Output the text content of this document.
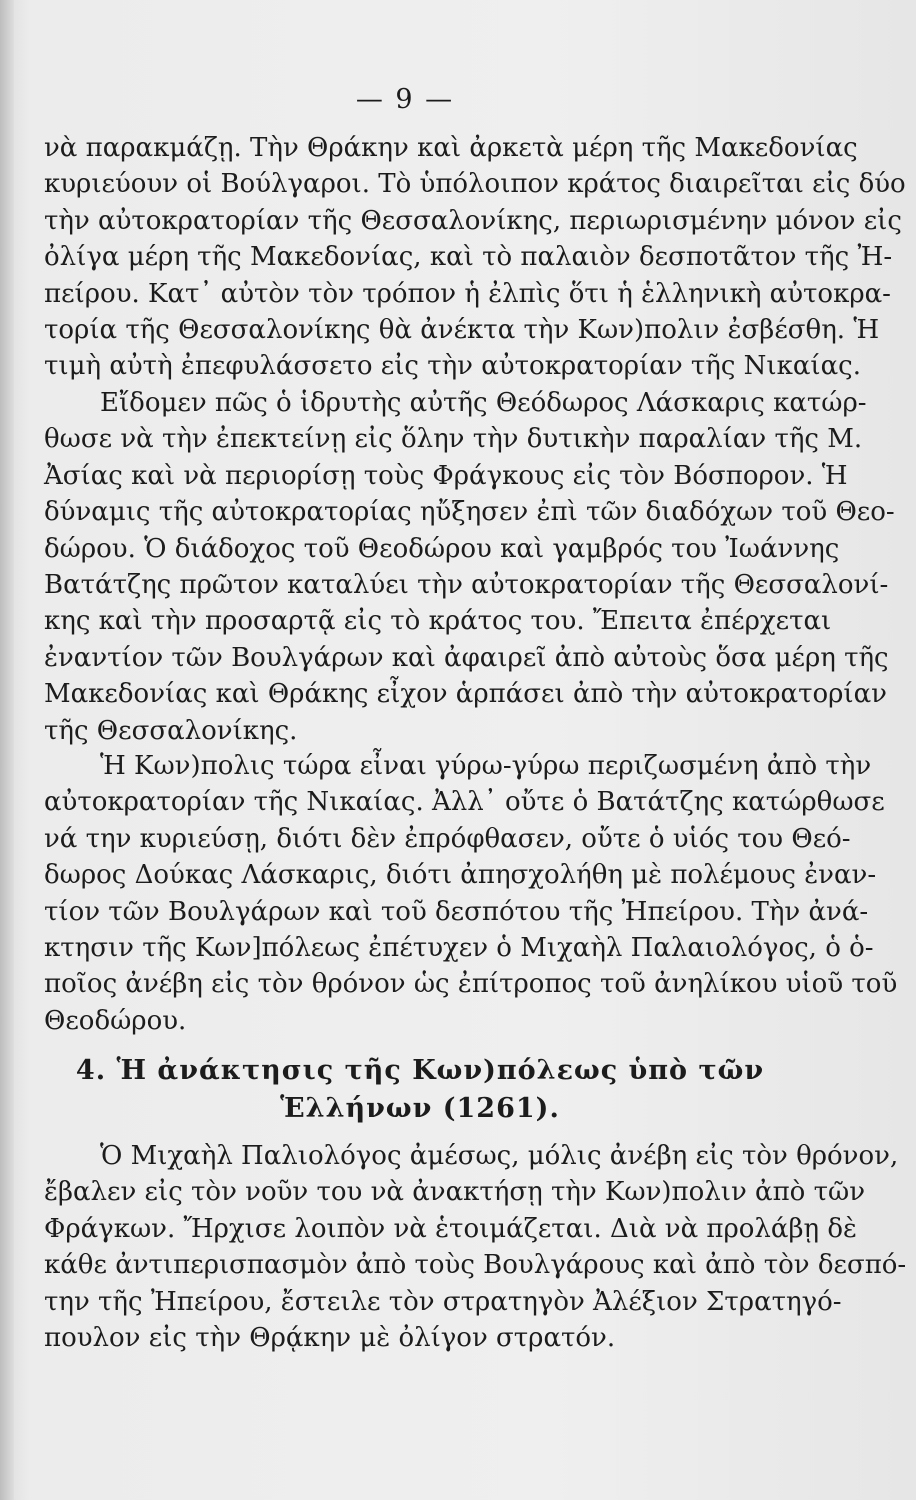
— 9 —

νὰ παρακμάζῃ. Τὴν Θράκην καὶ ἀρκετὰ μέρη τῆς Μακεδονίας
κυριεύουν οἱ Βούλγαροι. Τὸ ὑπόλοιπον κράτος διαιρεῖται εἰς δύο
τὴν αὐτοκρατορίαν τῆς Θεσσαλονίκης, περιωρισμένην μόνον εἰς
ὀλίγα μέρη τῆς Μακεδονίας, καὶ τὸ παλαιὸν δεσποτᾶτον τῆς Ἠ-
πείρου. Κατ᾽ αὐτὸν τὸν τρόπον ἡ ἐλπὶς ὅτι ἡ ἑλληνικὴ αὐτοκρα-
τορία τῆς Θεσσαλονίκης θὰ ἀνέκτα τὴν Κων)πολιν ἐσβέσθη. Ἡ
τιμὴ αὐτὴ ἐπεφυλάσσετο εἰς τὴν αὐτοκρατορίαν τῆς Νικαίας.

Εἴδομεν πῶς ὁ ἱδρυτὴς αὐτῆς Θεόδωρος Λάσκαρις κατώρ-
θωσε νὰ τὴν ἐπεκτείνῃ εἰς ὅλην τὴν δυτικὴν παραλίαν τῆς Μ.
Ἀσίας καὶ νὰ περιορίσῃ τοὺς Φράγκους εἰς τὸν Βόσπορον. Ἡ
δύναμις τῆς αὐτοκρατορίας ηὔξησεν ἐπὶ τῶν διαδόχων τοῦ Θεο-
δώρου. Ὁ διάδοχος τοῦ Θεοδώρου καὶ γαμβρός του Ἰωάννης
Βατάτζης πρῶτον καταλύει τὴν αὐτοκρατορίαν τῆς Θεσσαλονί-
κης καὶ τὴν προσαρτᾷ εἰς τὸ κράτος του. Ἔπειτα ἐπέρχεται
ἐναντίον τῶν Βουλγάρων καὶ ἀφαιρεῖ ἀπὸ αὐτοὺς ὅσα μέρη τῆς
Μακεδονίας καὶ Θράκης εἶχον ἁρπάσει ἀπὸ τὴν αὐτοκρατορίαν
τῆς Θεσσαλονίκης.

Ἡ Κων)πολις τώρα εἶναι γύρω-γύρω περιζωσμένη ἀπὸ τὴν
αὐτοκρατορίαν τῆς Νικαίας. Ἀλλ᾽ οὔτε ὁ Βατάτζης κατώρθωσε
νά την κυριεύσῃ, διότι δὲν ἐπρόφθασεν, οὔτε ὁ υἱός του Θεό-
δωρος Δούκας Λάσκαρις, διότι ἀπησχολήθη μὲ πολέμους ἐναν-
τίον τῶν Βουλγάρων καὶ τοῦ δεσπότου τῆς Ἠπείρου. Τὴν ἀνά-
κτησιν τῆς Κων]πόλεως ἐπέτυχεν ὁ Μιχαὴλ Παλαιολόγος, ὁ ὁ-
ποῖος ἀνέβη εἰς τὸν θρόνον ὡς ἐπίτροπος τοῦ ἀνηλίκου υἱοῦ τοῦ
Θεοδώρου.

4. Ἡ ἀνάκτησις τῆς Κων)πόλεως ὑπὸ τῶν
Ἑλλήνων (1261).

Ὁ Μιχαὴλ Παλιολόγος ἀμέσως, μόλις ἀνέβη εἰς τὸν θρόνον,
ἔβαλεν εἰς τὸν νοῦν του νὰ ἀνακτήσῃ τὴν Κων)πολιν ἀπὸ τῶν
Φράγκων. Ἤρχισε λοιπὸν νὰ ἑτοιμάζεται. Διὰ νὰ προλάβῃ δὲ
κάθε ἀντιπερισπασμὸν ἀπὸ τοὺς Βουλγάρους καὶ ἀπὸ τὸν δεσπό-
την τῆς Ἠπείρου, ἔστειλε τὸν στρατηγὸν Ἀλέξιον Στρατηγό-
πουλον εἰς τὴν Θρᾴκην μὲ ὀλίγον στρατόν.
